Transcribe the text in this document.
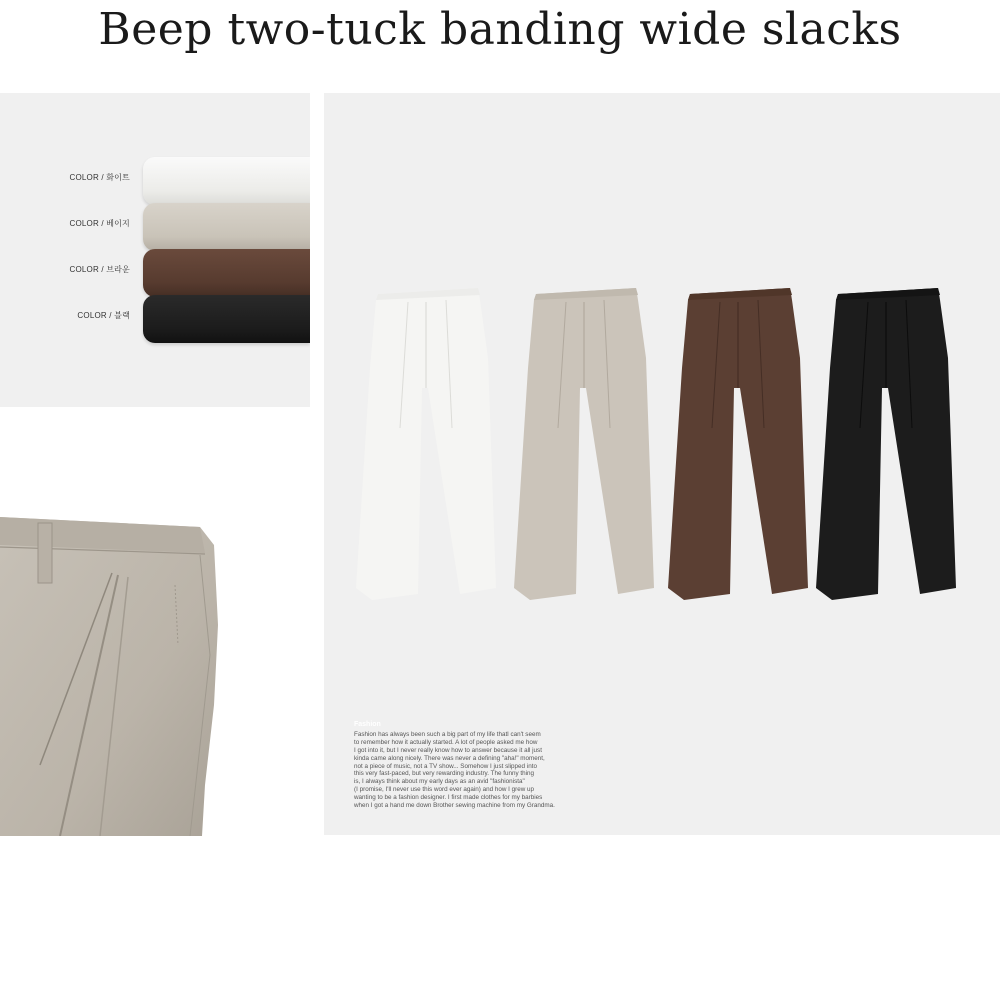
Beep two-tuck banding wide slacks
COLOR / 화이트
COLOR / 베이지
COLOR / 브라운
COLOR / 블랙
Fashion
Fashion has always been such a big part of my life thatl can't seem
to remember how it actually started. A lot of people asked me how
I got into it, but I never really know how to answer because it all just
kinda came along nicely. There was never a defining "aha!" moment,
not a piece of music, not a TV show... Somehow I just slipped into
this very fast-paced, but very rewarding industry. The funny thing
is, I always think about my early days as an avid "fashionista"
(I promise, I'll never use this word ever again) and how I grew up
wanting to be a fashion designer. I first made clothes for my barbies
when I got a hand me down Brother sewing machine from my Grandma.
